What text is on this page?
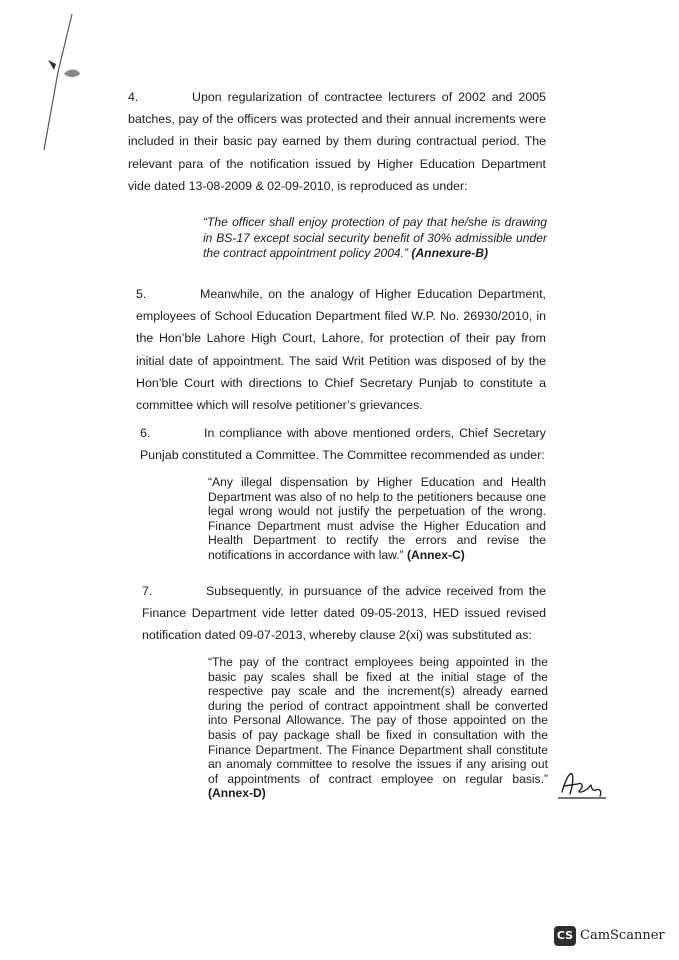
4.	Upon regularization of contractee lecturers of 2002 and 2005 batches, pay of the officers was protected and their annual increments were included in their basic pay earned by them during contractual period. The relevant para of the notification issued by Higher Education Department vide dated 13-08-2009 & 02-09-2010, is reproduced as under:
“The officer shall enjoy protection of pay that he/she is drawing in BS-17 except social security benefit of 30% admissible under the contract appointment policy 2004.” (Annexure-B)
5.	Meanwhile, on the analogy of Higher Education Department, employees of School Education Department filed W.P. No. 26930/2010, in the Hon’ble Lahore High Court, Lahore, for protection of their pay from initial date of appointment. The said Writ Petition was disposed of by the Hon’ble Court with directions to Chief Secretary Punjab to constitute a committee which will resolve petitioner’s grievances.
6.	In compliance with above mentioned orders, Chief Secretary Punjab constituted a Committee. The Committee recommended as under:
“Any illegal dispensation by Higher Education and Health Department was also of no help to the petitioners because one legal wrong would not justify the perpetuation of the wrong. Finance Department must advise the Higher Education and Health Department to rectify the errors and revise the notifications in accordance with law.” (Annex-C)
7.	Subsequently, in pursuance of the advice received from the Finance Department vide letter dated 09-05-2013, HED issued revised notification dated 09-07-2013, whereby clause 2(xi) was substituted as:
“The pay of the contract employees being appointed in the basic pay scales shall be fixed at the initial stage of the respective pay scale and the increment(s) already earned during the period of contract appointment shall be converted into Personal Allowance. The pay of those appointed on the basis of pay package shall be fixed in consultation with the Finance Department. The Finance Department shall constitute an anomaly committee to resolve the issues if any arising out of appointments of contract employee on regular basis.” (Annex-D)
CS CamScanner
